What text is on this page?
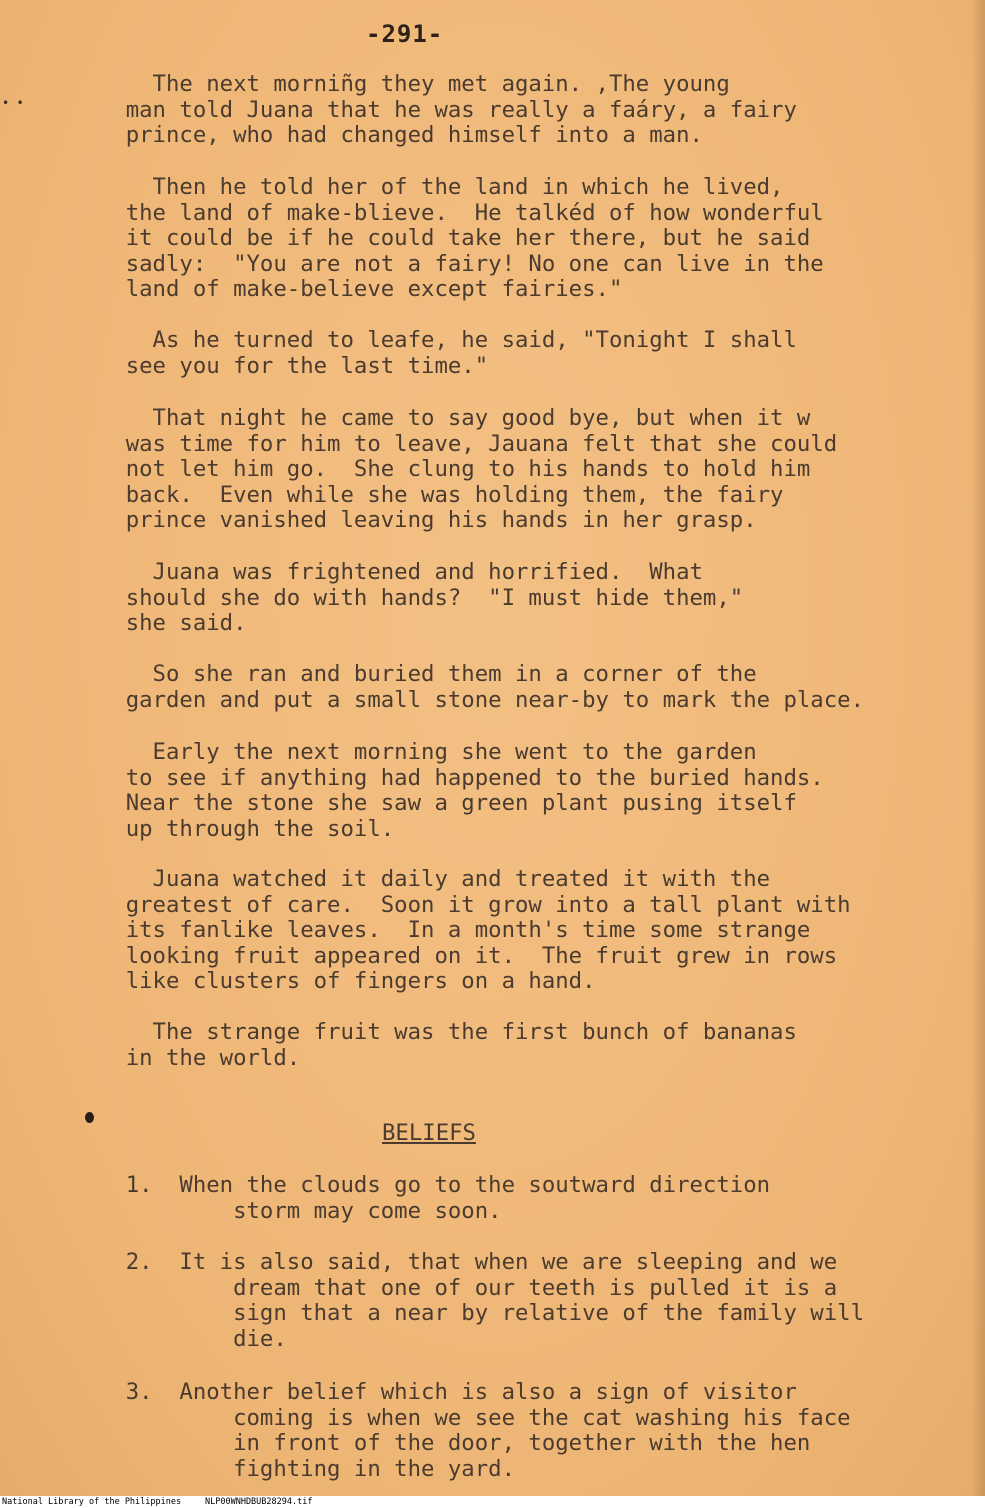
• •
-291-

The next morniñg they met again. ,The young
man told Juana that he was really a faáry, a fairy
prince, who had changed himself into a man.

Then he told her of the land in which he lived,
the land of make-blieve.  He talkéd of how wonderful
it could be if he could take her there, but he said
sadly:  "You are not a fairy! No one can live in the
land of make-believe except fairies."

As he turned to leafe, he said, "Tonight I shall
see you for the last time."

That night he came to say good bye, but when it w
was time for him to leave, Jauana felt that she could
not let him go.  She clung to his hands to hold him
back.  Even while she was holding them, the fairy
prince vanished leaving his hands in her grasp.

Juana was frightened and horrified.  What
should she do with hands?  "I must hide them,"
she said.

So she ran and buried them in a corner of the
garden and put a small stone near-by to mark the place.

Early the next morning she went to the garden
to see if anything had happened to the buried hands.
Near the stone she saw a green plant pusing itself
up through the soil.

Juana watched it daily and treated it with the
greatest of care.  Soon it grow into a tall plant with
its fanlike leaves.  In a month's time some strange
looking fruit appeared on it.  The fruit grew in rows
like clusters of fingers on a hand.

The strange fruit was the first bunch of bananas
in the world.

BELIEFS

1.  When the clouds go to the soutward direction
storm may come soon.

2.  It is also said, that when we are sleeping and we
dream that one of our teeth is pulled it is a
sign that a near by relative of the family will
die.

3.  Another belief which is also a sign of visitor
coming is when we see the cat washing his face
in front of the door, together with the hen
fighting in the yard.

National Library of the Philippines	NLP00WNHDBUB28294.tif
